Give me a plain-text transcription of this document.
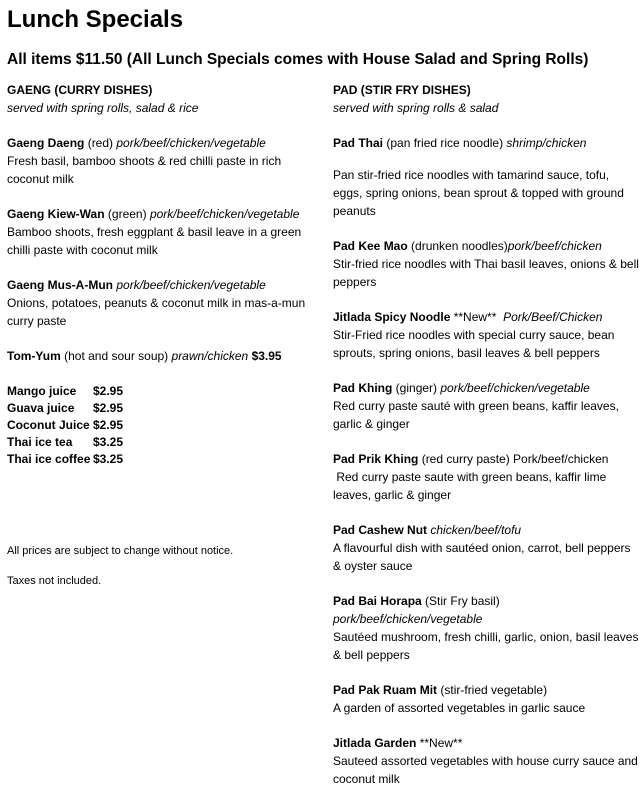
Lunch Specials
All items $11.50 (All Lunch Specials comes with House Salad and Spring Rolls)
GAENG (CURRY DISHES)
served with spring rolls, salad & rice
Gaeng Daeng (red) pork/beef/chicken/vegetable
Fresh basil, bamboo shoots & red chilli paste in rich coconut milk
Gaeng Kiew-Wan (green) pork/beef/chicken/vegetable
Bamboo shoots, fresh eggplant & basil leave in a green chilli paste with coconut milk
Gaeng Mus-A-Mun pork/beef/chicken/vegetable
Onions, potatoes, peanuts & coconut milk in mas-a-mun curry paste
Tom-Yum (hot and sour soup) prawn/chicken $3.95
Mango juice	$2.95
Guava juice	$2.95
Coconut Juice $2.95
Thai ice tea	$3.25
Thai ice coffee $3.25
All prices are subject to change without notice.
Taxes not included.
PAD (STIR FRY DISHES)
served with spring rolls & salad
Pad Thai (pan fried rice noodle) shrimp/chicken
Pan stir-fried rice noodles with tamarind sauce, tofu, eggs, spring onions, bean sprout & topped with ground peanuts
Pad Kee Mao (drunken noodles)pork/beef/chicken
Stir-fried rice noodles with Thai basil leaves, onions & bell peppers
Jitlada Spicy Noodle **New**  Pork/Beef/Chicken
Stir-Fried rice noodles with special curry sauce, bean sprouts, spring onions, basil leaves & bell peppers
Pad Khing (ginger) pork/beef/chicken/vegetable
Red curry paste sauté with green beans, kaffir leaves, garlic & ginger
Pad Prik Khing (red curry paste) Pork/beef/chicken
Red curry paste saute with green beans, kaffir lime leaves, garlic & ginger
Pad Cashew Nut chicken/beef/tofu
A flavourful dish with sautéed onion, carrot, bell peppers & oyster sauce
Pad Bai Horapa (Stir Fry basil) pork/beef/chicken/vegetable
Sautéed mushroom, fresh chilli, garlic, onion, basil leaves & bell peppers
Pad Pak Ruam Mit (stir-fried vegetable)
A garden of assorted vegetables in garlic sauce
Jitlada Garden **New**
Sauteed assorted vegetables with house curry sauce and coconut milk
